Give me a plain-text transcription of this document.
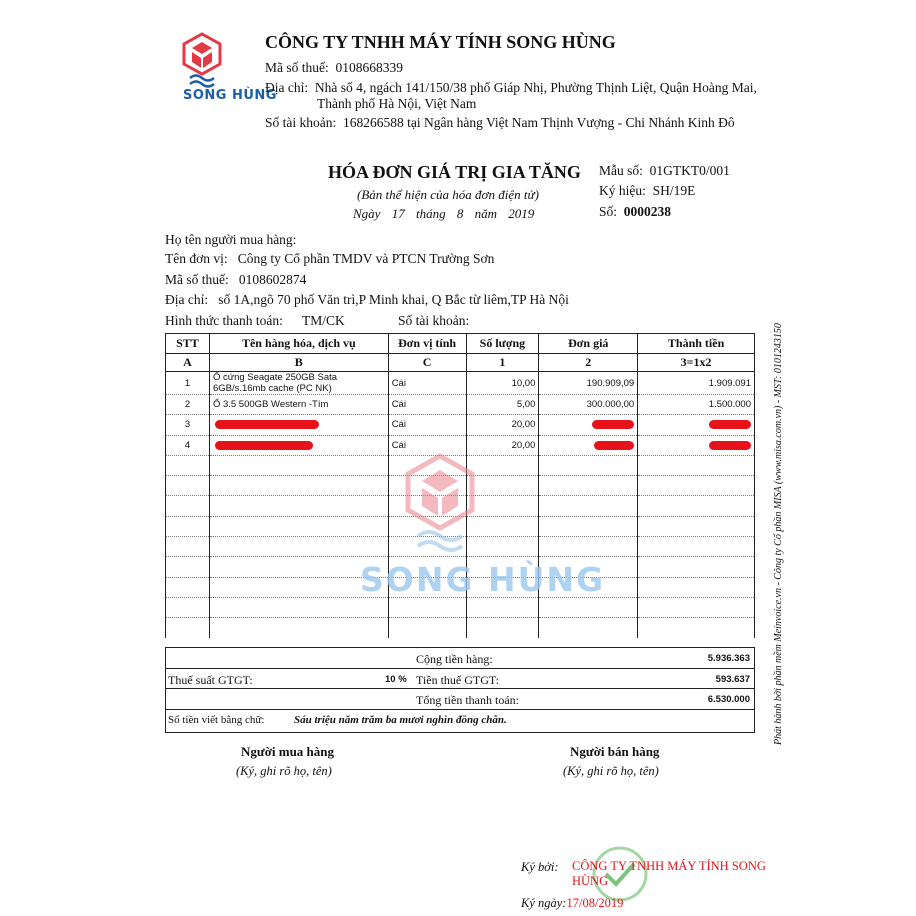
SONG HÙNG
CÔNG TY TNHH MÁY TÍNH SONG HÙNG
Mã số thuế: 0108668339
Địa chỉ: Nhà số 4, ngách 141/150/38 phố Giáp Nhị, Phường Thịnh Liệt, Quận Hoàng Mai,
Thành phố Hà Nội, Việt Nam
Số tài khoản: 168266588 tại Ngân hàng Việt Nam Thịnh Vượng - Chi Nhánh Kinh Đô
HÓA ĐƠN GIÁ TRỊ GIA TĂNG
(Bản thể hiện của hóa đơn điện tử)
Ngày 17 tháng 8 năm 2019
Mẫu số: 01GTKT0/001
Ký hiệu: SH/19E
Số: 0000238
Họ tên người mua hàng:
Tên đơn vị: Công ty Cổ phần TMDV và PTCN Trường Sơn
Mã số thuế: 0108602874
Địa chỉ: số 1A,ngõ 70 phố Văn trì,P Minh khai, Q Bắc từ liêm,TP Hà Nội
Hình thức thanh toán: TM/CK	Số tài khoản:
STT	Tên hàng hóa, dịch vụ	Đơn vị tính	Số lượng	Đơn giá	Thành tiền
A	B	C	1	2	3=1x2
1	Ổ cứng Seagate 250GB Sata 6GB/s.16mb cache (PC NK)	Cái	10,00	190.909,09	1.909.091
2	Ổ 3.5 500GB Western -Tím	Cái	5,00	300.000,00	1.500.000
3		Cái	20,00		
4		Cái	20,00		

Cộng tiền hàng:	5.936.363
Thuế suất GTGT:	10 % Tiền thuế GTGT:	593.637
Tổng tiền thanh toán:	6.530.000
Số tiền viết bằng chữ:	Sáu triệu năm trăm ba mươi nghìn đồng chẵn.
SONG HÙNG	Phát hành bởi phần mềm Meinvoice.vn - Công ty Cổ phần MISA (www.misa.com.vn) - MST: 0101243150
Người mua hàng
(Ký, ghi rõ họ, tên)
Người bán hàng
(Ký, ghi rõ họ, tên)
Ký bởi: CÔNG TY TNHH MÁY TÍNH SONG
HÙNG
Ký ngày:17/08/2019
